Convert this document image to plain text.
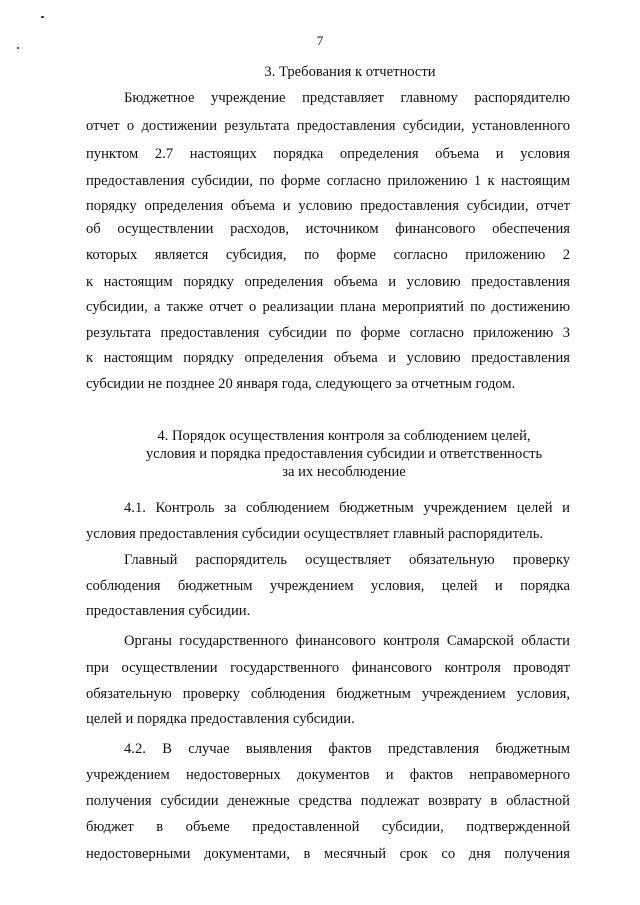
7
3. Требования к отчетности
Бюджетное учреждение представляет главному распорядителю
отчет о достижении результата предоставления субсидии, установленного
пунктом 2.7 настоящих порядка определения объема и условия
предоставления субсидии, по форме согласно приложению 1 к настоящим
порядку определения объема и условию предоставления субсидии, отчет
об осуществлении расходов, источником финансового обеспечения
которых является субсидия, по форме согласно приложению 2
к настоящим порядку определения объема и условию предоставления
субсидии, а также отчет о реализации плана мероприятий по достижению
результата предоставления субсидии по форме согласно приложению 3
к настоящим порядку определения объема и условию предоставления
субсидии не позднее 20 января года, следующего за отчетным годом.
4. Порядок осуществления контроля за соблюдением целей,
условия и порядка предоставления субсидии и ответственность
за их несоблюдение
4.1. Контроль за соблюдением бюджетным учреждением целей и
условия предоставления субсидии осуществляет главный распорядитель.
Главный распорядитель осуществляет обязательную проверку
соблюдения бюджетным учреждением условия, целей и порядка
предоставления субсидии.
Органы государственного финансового контроля Самарской области
при осуществлении государственного финансового контроля проводят
обязательную проверку соблюдения бюджетным учреждением условия,
целей и порядка предоставления субсидии.
4.2. В случае выявления фактов представления бюджетным
учреждением недостоверных документов и фактов неправомерного
получения субсидии денежные средства подлежат возврату в областной
бюджет в объеме предоставленной субсидии, подтвержденной
недостоверными документами, в месячный срок со дня получения
